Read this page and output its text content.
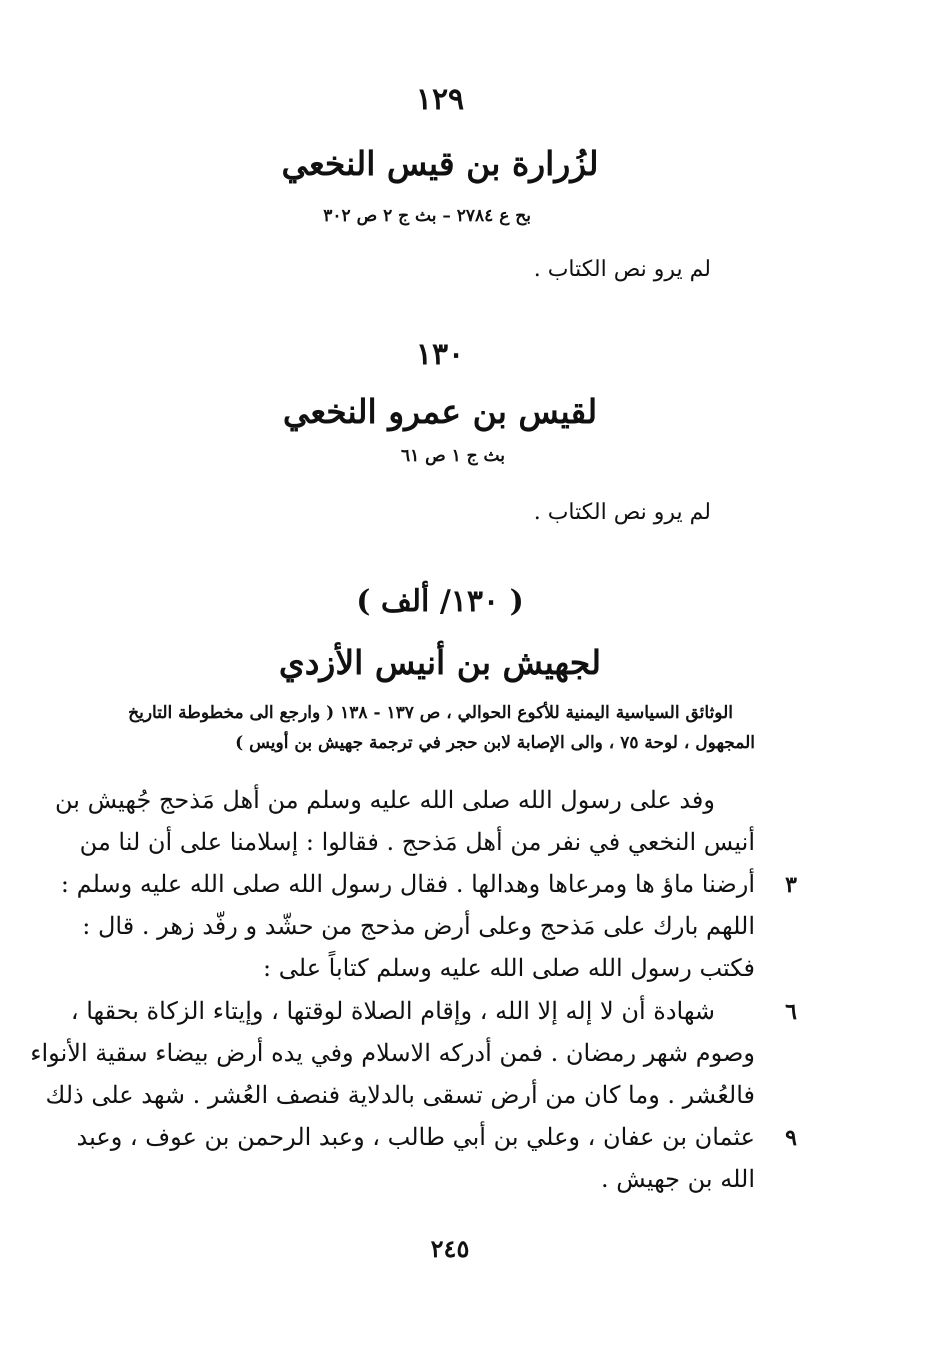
١٢٩
لزُرارة بن قيس النخعي
بح ع ٢٧٨٤ – بث ج ٢ ص ٣٠٢
لم يرو نص الكتاب .
١٣٠
لقيس بن عمرو النخعي
بث ج ١ ص ٦١
لم يرو نص الكتاب .
( ١٣٠/ ألف )
لجهيش بن أنيس الأزدي
الوثائق السياسية اليمنية للأكوع الحوالي ، ص ١٣٧ - ١٣٨ ( وارجع الى مخطوطة التاريخ
المجهول ، لوحة ٧٥ ، والى الإصابة لابن حجر في ترجمة جهيش بن أويس )
وفد على رسول الله صلى الله عليه وسلم من أهل مَذحج جُهيش بن
أنيس النخعي في نفر من أهل مَذحج . فقالوا : إسلامنا على أن لنا من
أرضنا ماؤ ها ومرعاها وهدالها . فقال رسول الله صلى الله عليه وسلم :
اللهم بارك على مَذحج وعلى أرض مذحج من حشّد و رفّد زهر . قال :
فكتب رسول الله صلى الله عليه وسلم كتاباً على :
شهادة أن لا إله إلا الله ، وإقام الصلاة لوقتها ، وإيتاء الزكاة بحقها ،
وصوم شهر رمضان . فمن أدركه الاسلام وفي يده أرض بيضاء سقية الأنواء
فالعُشر . وما كان من أرض تسقى بالدلاية فنصف العُشر . شهد على ذلك
عثمان بن عفان ، وعلي بن أبي طالب ، وعبد الرحمن بن عوف ، وعبد
الله بن جهيش .
٣
٦
٩
٢٤٥
